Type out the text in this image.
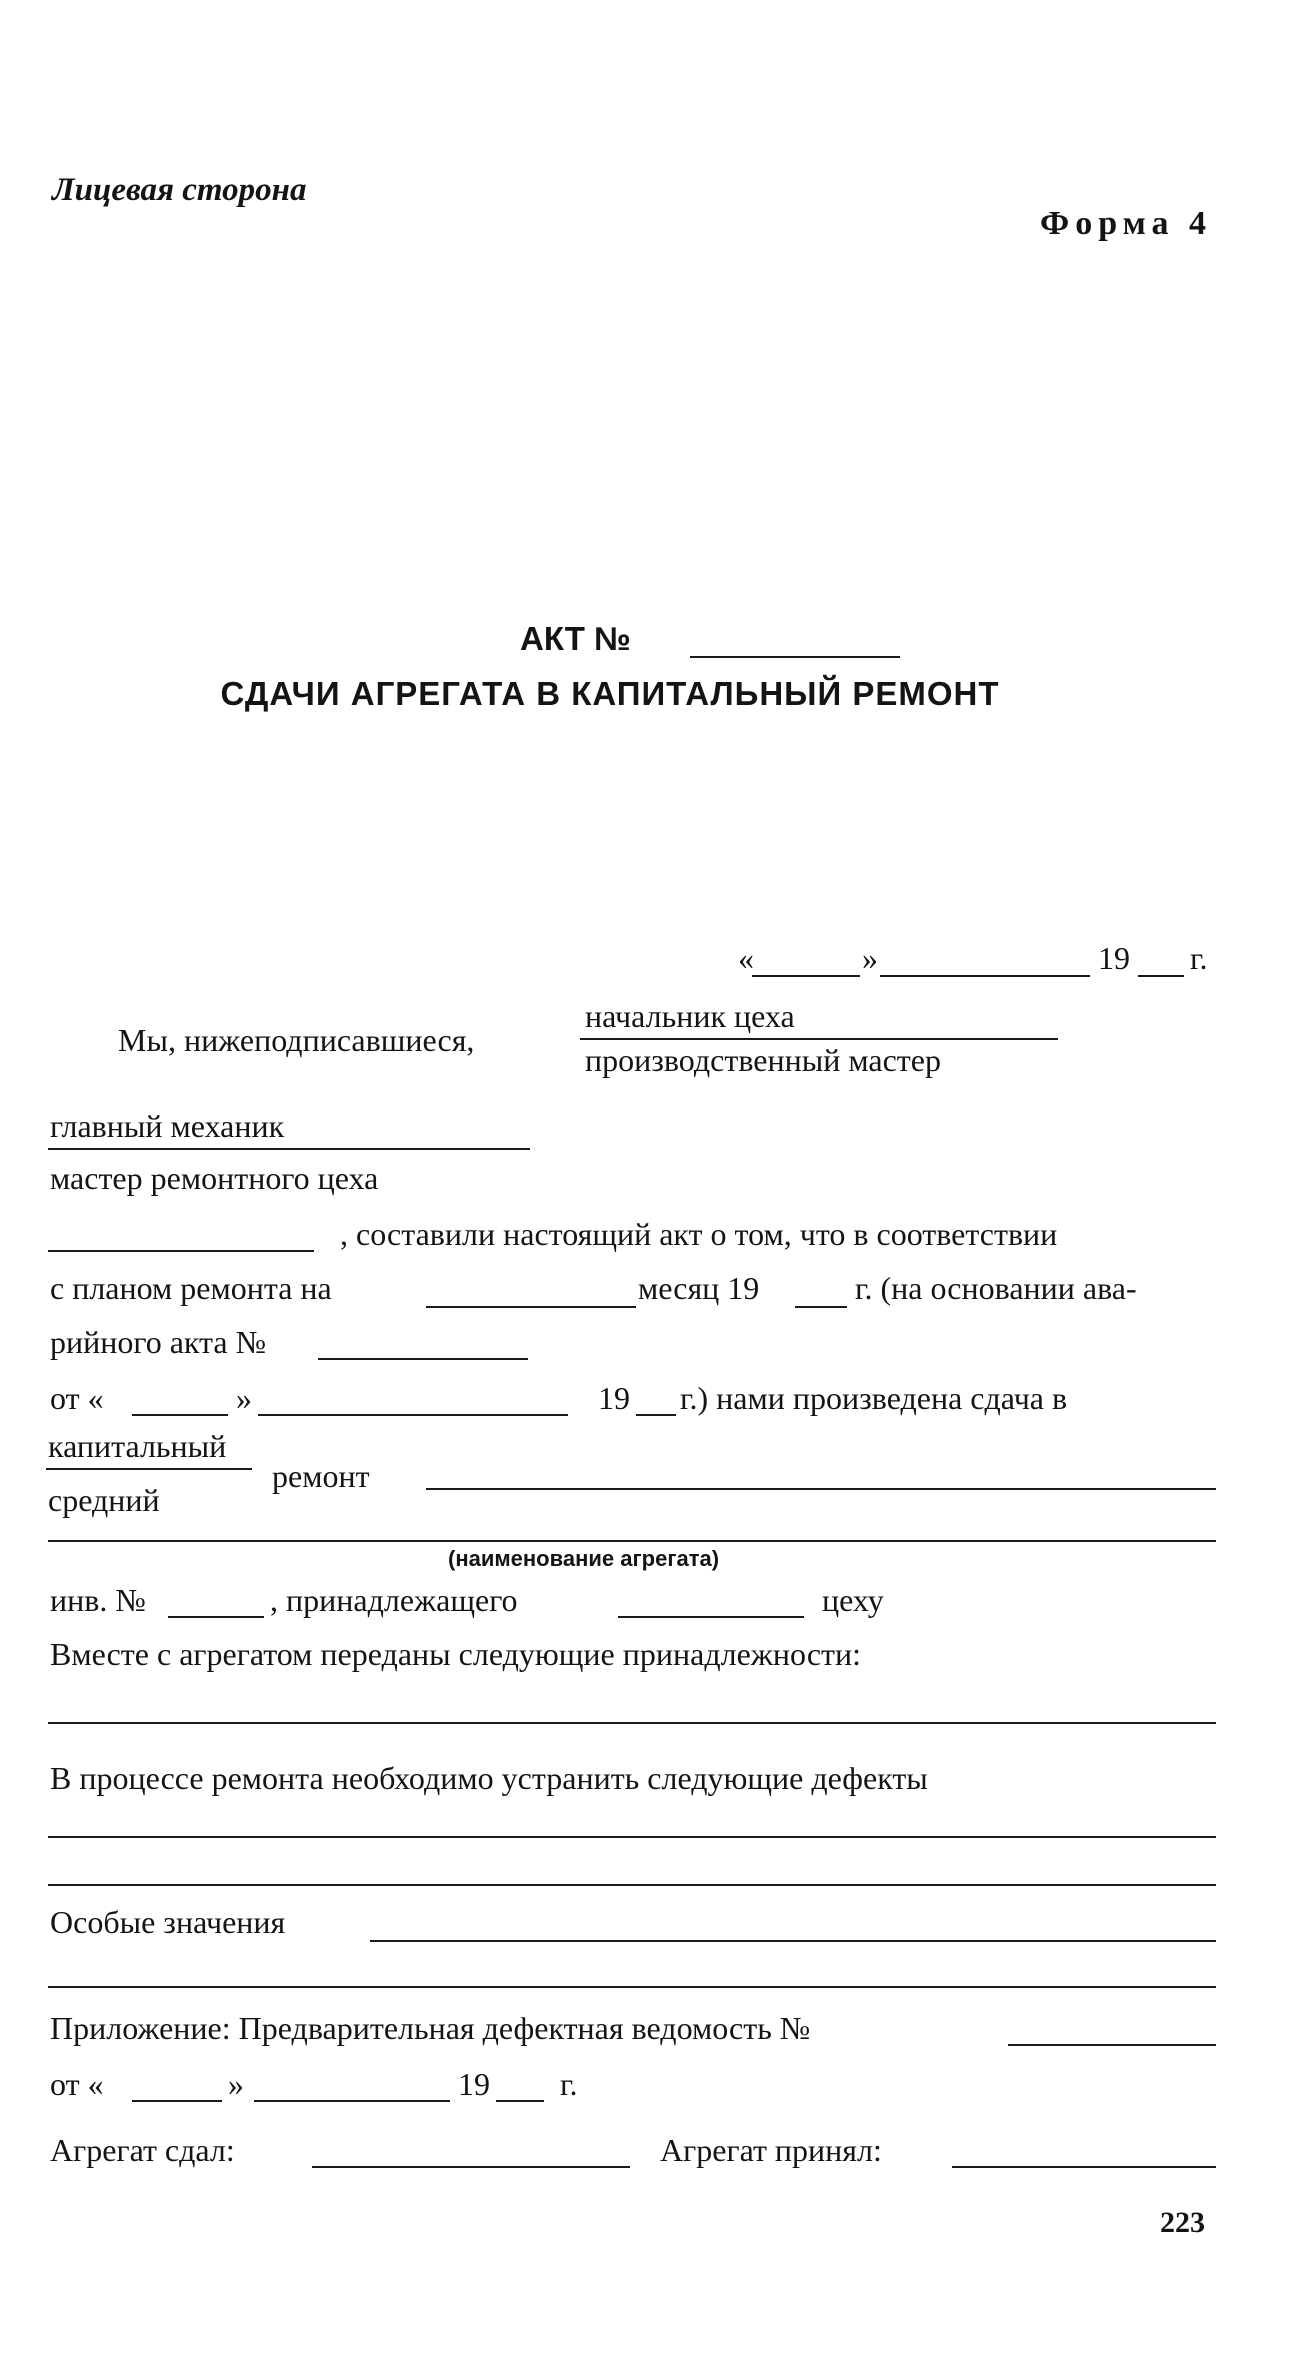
Лицевая сторона
Форма 4
АКТ №
СДАЧИ АГРЕГАТА В КАПИТАЛЬНЫЙ РЕМОНТ
«	»	19 г.
Мы, нижеподписавшиеся,
начальник цеха
производственный мастер
главный механик
мастер ремонтного цеха
, составили настоящий акт о том, что в соответствии
с планом ремонта на	месяц 19	г. (на основании ава-
рийного акта №
от «	»	19 г.) нами произведена сдача в
капитальный
средний
ремонт
(наименование агрегата)
инв. №	, принадлежащего	цеху
Вместе с агрегатом переданы следующие принадлежности:
В процессе ремонта необходимо устранить следующие дефекты
Особые значения
Приложение: Предварительная дефектная ведомость №
от «	»	19 г.
Агрегат сдал:	Агрегат принял:
223
